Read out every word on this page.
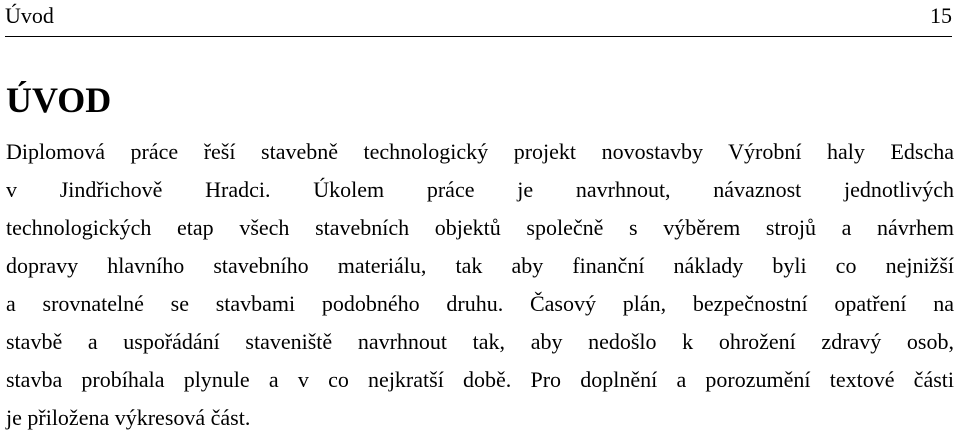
Úvod	15
ÚVOD
Diplomová práce řeší stavebně technologický projekt novostavby Výrobní haly Edscha
v Jindřichově Hradci. Úkolem práce je navrhnout, návaznost jednotlivých
technologických etap všech stavebních objektů společně s výběrem strojů a návrhem
dopravy hlavního stavebního materiálu, tak aby finanční náklady byli co nejnižší
a srovnatelné se stavbami podobného druhu. Časový plán, bezpečnostní opatření na
stavbě a uspořádání staveniště navrhnout tak, aby nedošlo k ohrožení zdravý osob,
stavba probíhala plynule a v co nejkratší době. Pro doplnění a porozumění textové části
je přiložena výkresová část.
